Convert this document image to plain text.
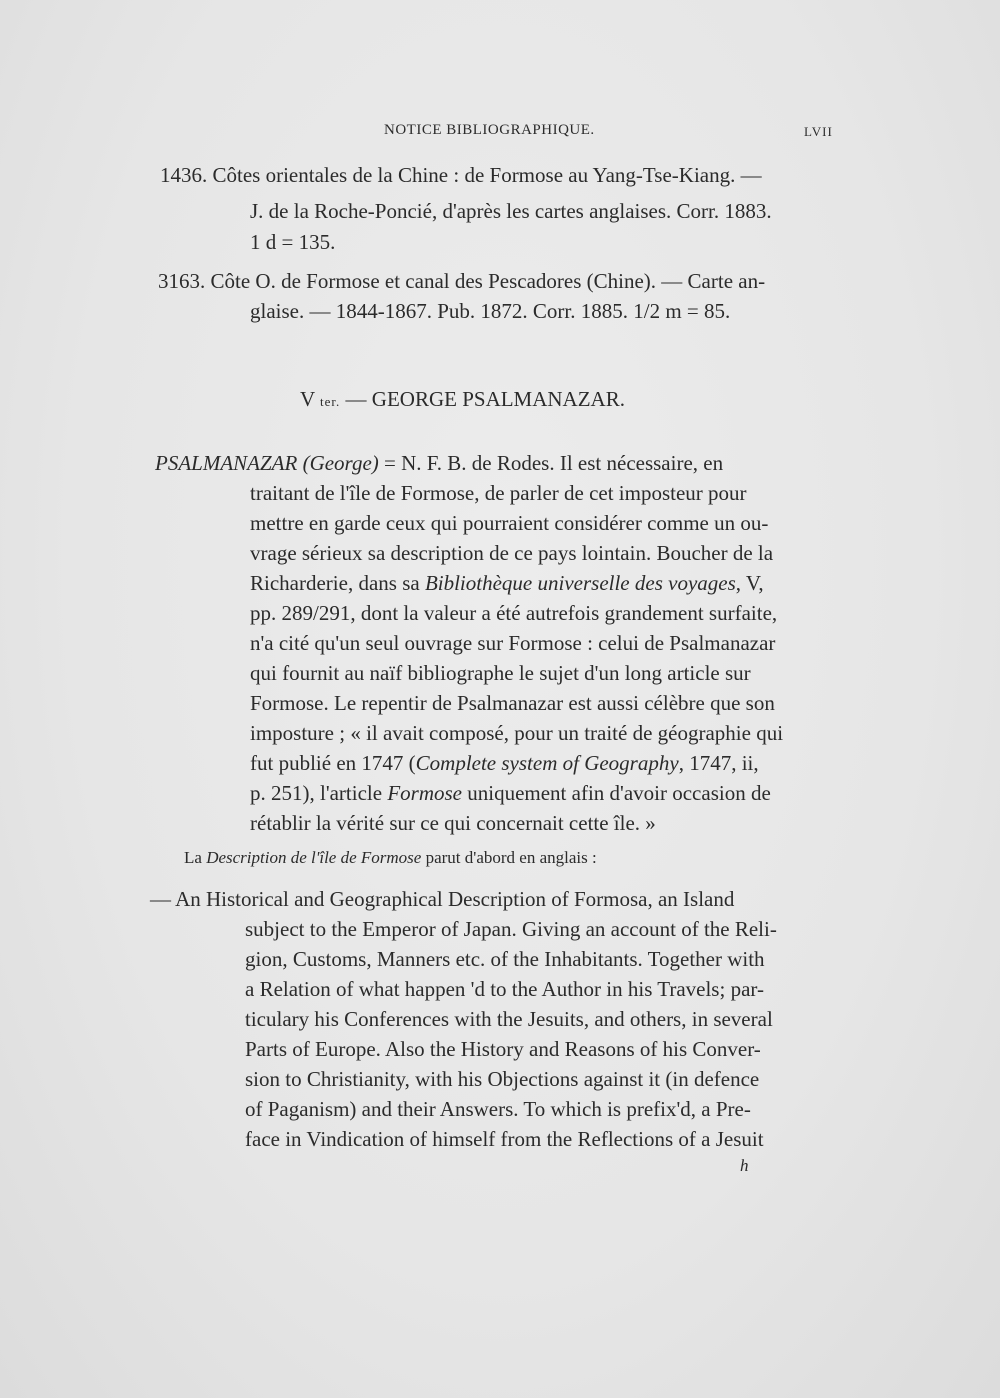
NOTICE BIBLIOGRAPHIQUE.	LVII
1436. Côtes orientales de la Chine : de Formose au Yang-Tse-Kiang. —
J. de la Roche-Poncié, d'après les cartes anglaises. Corr. 1883.
1 d = 135.
3163. Côte O. de Formose et canal des Pescadores (Chine). — Carte an-
glaise. — 1844-1867. Pub. 1872. Corr. 1885. 1/2 m = 85.
V ter. — GEORGE PSALMANAZAR.
PSALMANAZAR (George) = N. F. B. de Rodes. Il est nécessaire, en
traitant de l'île de Formose, de parler de cet imposteur pour
mettre en garde ceux qui pourraient considérer comme un ou-
vrage sérieux sa description de ce pays lointain. Boucher de la
Richarderie, dans sa Bibliothèque universelle des voyages, V,
pp. 289/291, dont la valeur a été autrefois grandement surfaite,
n'a cité qu'un seul ouvrage sur Formose : celui de Psalmanazar
qui fournit au naïf bibliographe le sujet d'un long article sur
Formose. Le repentir de Psalmanazar est aussi célèbre que son
imposture ; « il avait composé, pour un traité de géographie qui
fut publié en 1747 (Complete system of Geography, 1747, ii,
p. 251), l'article Formose uniquement afin d'avoir occasion de
rétablir la vérité sur ce qui concernait cette île. »
La Description de l'île de Formose parut d'abord en anglais :
— An Historical and Geographical Description of Formosa, an Island
subject to the Emperor of Japan. Giving an account of the Reli-
gion, Customs, Manners etc. of the Inhabitants. Together with
a Relation of what happen 'd to the Author in his Travels; par-
ticulary his Conferences with the Jesuits, and others, in several
Parts of Europe. Also the History and Reasons of his Conver-
sion to Christianity, with his Objections against it (in defence
of Paganism) and their Answers. To which is prefix'd, a Pre-
face in Vindication of himself from the Reflections of a Jesuit
h
